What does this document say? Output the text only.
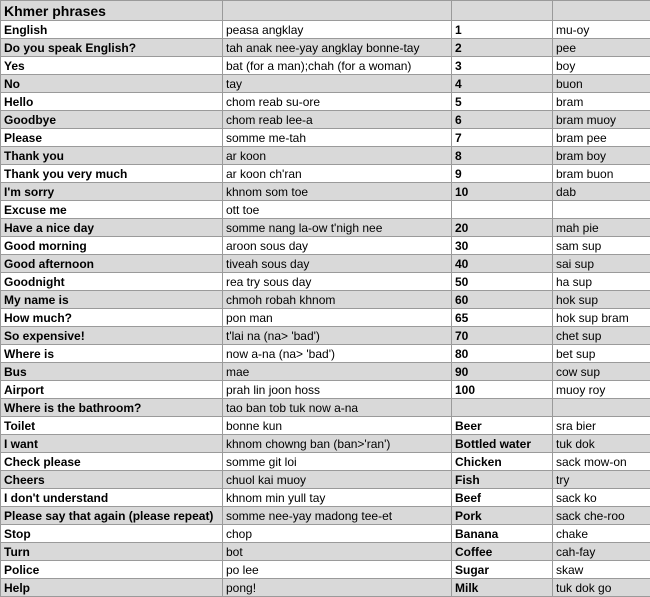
Khmer phrases			
English	peasa angklay	1	mu-oy
Do you speak English?	tah anak nee-yay angklay bonne-tay	2	pee
Yes	bat (for a man);chah (for a woman)	3	boy
No	tay	4	buon
Hello	chom reab su-ore	5	bram
Goodbye	chom reab lee-a	6	bram muoy
Please	somme me-tah	7	bram pee
Thank you	ar koon	8	bram boy
Thank you very much	ar koon ch'ran	9	bram buon
I'm sorry	khnom som toe	10	dab
Excuse me	ott toe		
Have a nice day	somme nang la-ow t'nigh nee	20	mah pie
Good morning	aroon sous day	30	sam sup
Good afternoon	tiveah sous day	40	sai sup
Goodnight	rea try sous day	50	ha sup
My name is	chmoh robah khnom	60	hok sup
How much?	pon man	65	hok sup bram
So expensive!	t'lai na (na> 'bad')	70	chet sup
Where is	now a-na (na> 'bad')	80	bet sup
Bus	mae	90	cow sup
Airport	prah lin joon hoss	100	muoy roy
Where is the bathroom?	tao ban tob tuk now a-na		
Toilet	bonne kun	Beer	sra bier
I want	khnom chowng ban (ban>'ran')	Bottled water	tuk dok
Check please	somme git loi	Chicken	sack mow-on
Cheers	chuol kai muoy	Fish	try
I don't understand	khnom min yull tay	Beef	sack ko
Please say that again (please repeat)	somme nee-yay madong tee-et	Pork	sack che-roo
Stop	chop	Banana	chake
Turn	bot	Coffee	cah-fay
Police	po lee	Sugar	skaw
Help	pong!	Milk	tuk dok go
